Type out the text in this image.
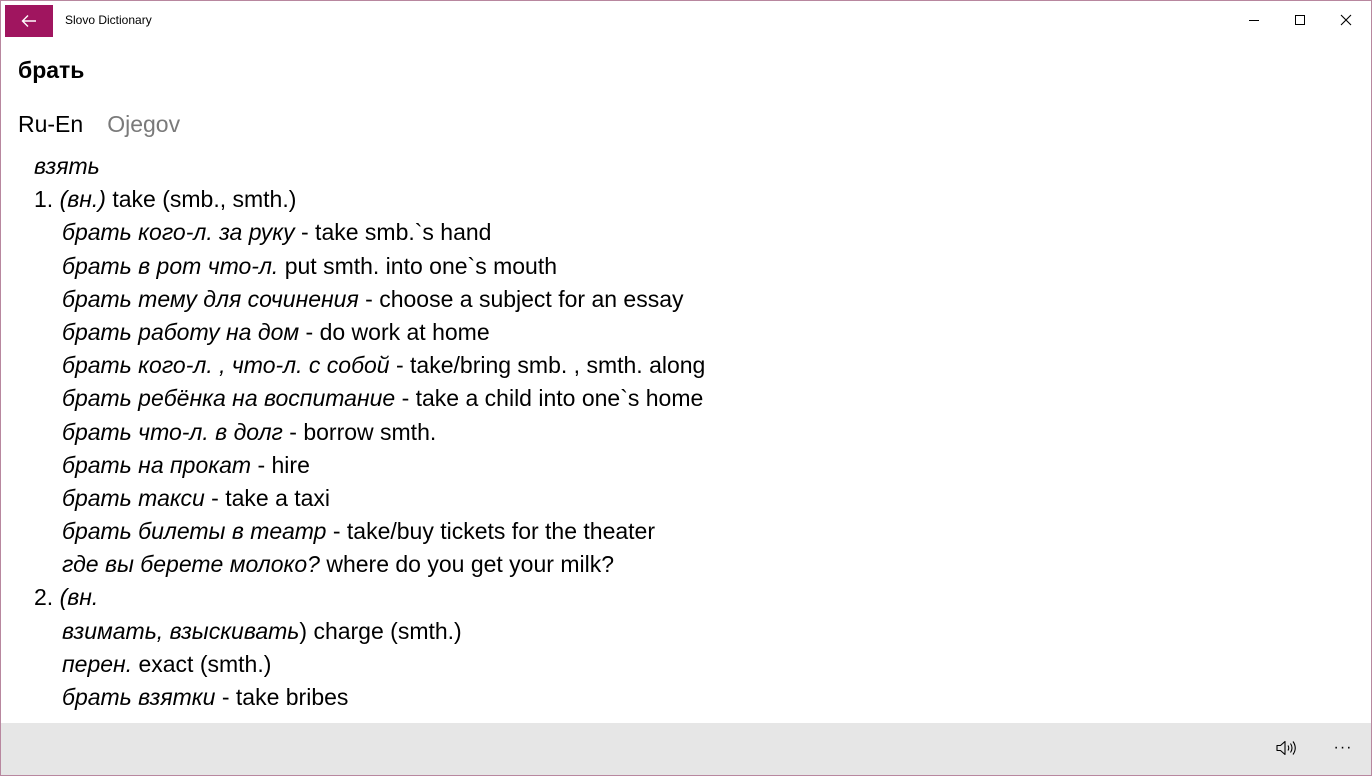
Slovo Dictionary
брать
Ru-En Ojegov
взять
1. (вн.) take (smb., smth.)
брать кого-л. за руку - take smb.`s hand
брать в рот что-л. put smth. into one`s mouth
брать тему для сочинения - choose a subject for an essay
брать работу на дом - do work at home
брать кого-л. , что-л. с собой - take/bring smb. , smth. along
брать ребёнка на воспитание - take a child into one`s home
брать что-л. в долг - borrow smth.
брать на прокат - hire
брать такси - take a taxi
брать билеты в театр - take/buy tickets for the theater
где вы берете молоко? where do you get your milk?
2. (вн.
взимать, взыскивать) charge (smth.)
перен. exact (smth.)
брать взятки - take bribes
···
